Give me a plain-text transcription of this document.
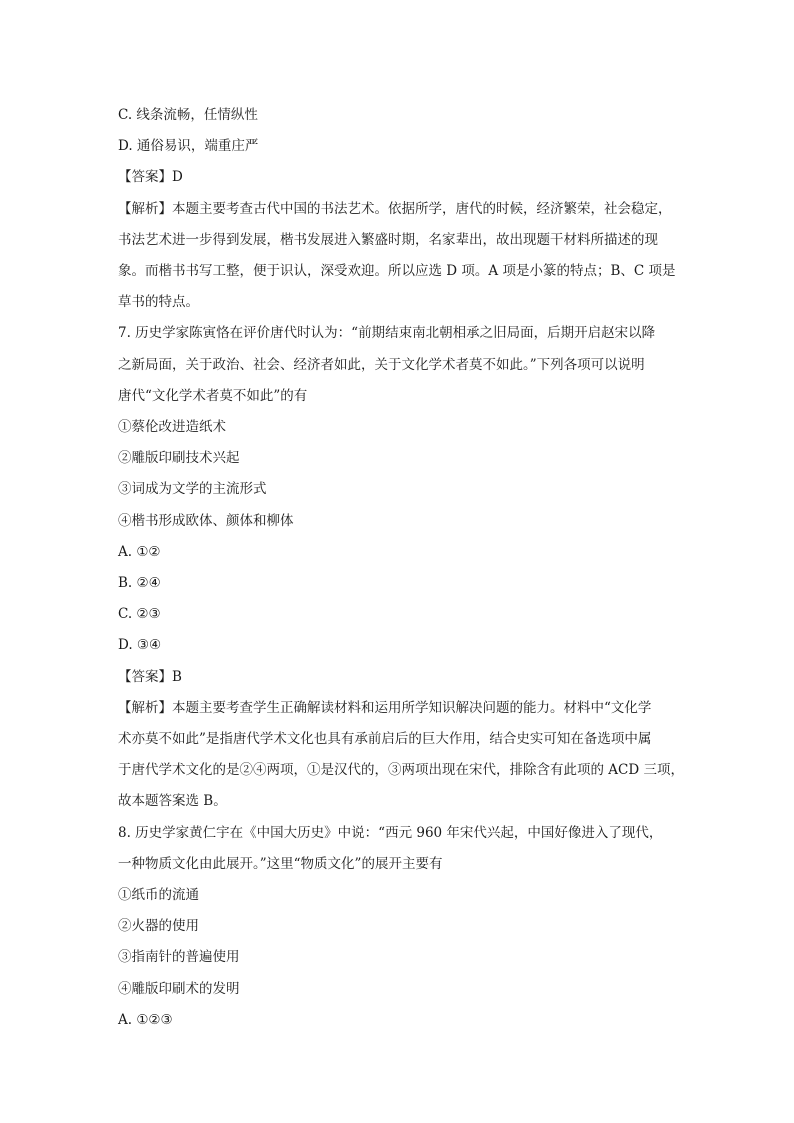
C. 线条流畅，任情纵性
D. 通俗易识，端重庄严
【答案】D
【解析】本题主要考查古代中国的书法艺术。依据所学，唐代的时候，经济繁荣，社会稳定，
书法艺术进一步得到发展，楷书发展进入繁盛时期，名家辈出，故出现题干材料所描述的现
象。而楷书书写工整，便于识认，深受欢迎。所以应选 D 项。A 项是小篆的特点；B、C 项是
草书的特点。
7. 历史学家陈寅恪在评价唐代时认为：“前期结束南北朝相承之旧局面，后期开启赵宋以降
之新局面，关于政治、社会、经济者如此，关于文化学术者莫不如此。”下列各项可以说明
唐代“文化学术者莫不如此”的有
①蔡伦改进造纸术
②雕版印刷技术兴起
③词成为文学的主流形式
④楷书形成欧体、颜体和柳体
A. ①②
B. ②④
C. ②③
D. ③④
【答案】B
【解析】本题主要考查学生正确解读材料和运用所学知识解决问题的能力。材料中“文化学
术亦莫不如此”是指唐代学术文化也具有承前启后的巨大作用，结合史实可知在备选项中属
于唐代学术文化的是②④两项，①是汉代的，③两项出现在宋代，排除含有此项的 ACD 三项，
故本题答案选 B。
8. 历史学家黄仁宇在《中国大历史》中说：“西元 960 年宋代兴起，中国好像进入了现代，
一种物质文化由此展开。”这里“物质文化”的展开主要有
①纸币的流通
②火器的使用
③指南针的普遍使用
④雕版印刷术的发明
A. ①②③
